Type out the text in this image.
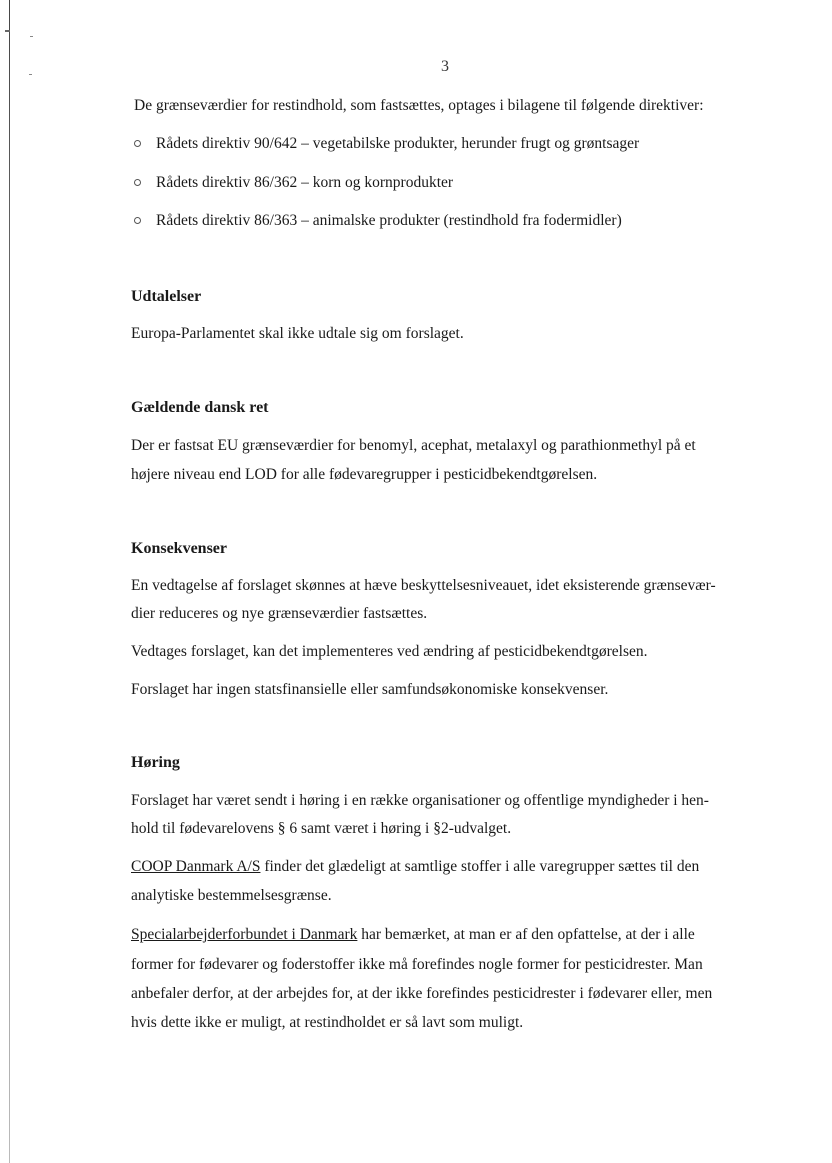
3

De grænseværdier for restindhold, som fastsættes, optages i bilagene til følgende direktiver:

Rådets direktiv 90/642 – vegetabilske produkter, herunder frugt og grøntsager
Rådets direktiv 86/362 – korn og kornprodukter
Rådets direktiv 86/363 – animalske produkter (restindhold fra fodermidler)
Udtalelser

Europa-Parlamentet skal ikke udtale sig om forslaget.

Gældende dansk ret

Der er fastsat EU grænseværdier for benomyl, acephat, metalaxyl og parathionmethyl på et

højere niveau end LOD for alle fødevaregrupper i pesticidbekendtgørelsen.

Konsekvenser

En vedtagelse af forslaget skønnes at hæve beskyttelsesniveauet, idet eksisterende grænsevær-

dier reduceres og nye grænseværdier fastsættes.

Vedtages forslaget, kan det implementeres ved ændring af pesticidbekendtgørelsen.

Forslaget har ingen statsfinansielle eller samfundsøkonomiske konsekvenser.

Høring

Forslaget har været sendt i høring i en række organisationer og offentlige myndigheder i hen-

hold til fødevarelovens § 6 samt været i høring i §2-udvalget.

COOP Danmark A/S finder det glædeligt at samtlige stoffer i alle varegrupper sættes til den

analytiske bestemmelsesgrænse.

Specialarbejderforbundet i Danmark har bemærket, at man er af den opfattelse, at der i alle

former for fødevarer og foderstoffer ikke må forefindes nogle former for pesticidrester. Man

anbefaler derfor, at der arbejdes for, at der ikke forefindes pesticidrester i fødevarer eller, men

hvis dette ikke er muligt, at restindholdet er så lavt som muligt.
